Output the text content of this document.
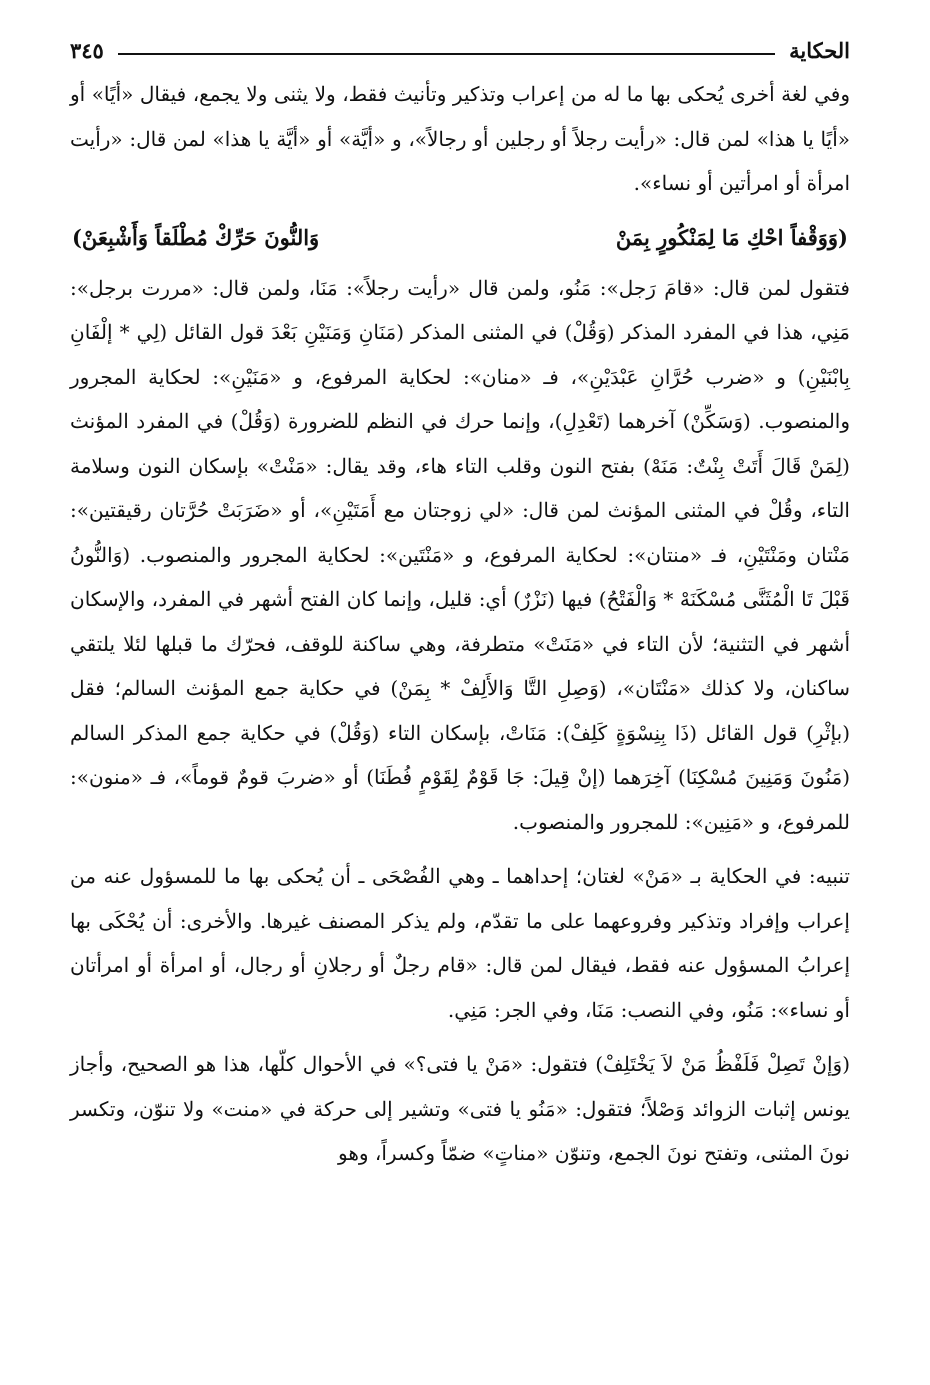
الحكاية
٣٤٥

وفي لغة أخرى يُحكى بها ما له من إعراب وتذكير وتأنيث فقط، ولا يثنى ولا يجمع، فيقال «أيًا» أو «أيًا يا هذا» لمن قال: «رأيت رجلاً أو رجلين أو رجالاً»، و «أيَّة» أو «أيَّة يا هذا» لمن قال: «رأيت امرأة أو امرأتين أو نساء».

(وَوَقْفاً احْكِ مَا لِمَنْكُورٍ بِمَنْ
وَالنُّونَ حَرِّكْ مُطْلَقاً وَأَشْبِعَنْ)

فتقول لمن قال: «قامَ رَجل»: مَنُو، ولمن قال «رأيت رجلاً»: مَنَا، ولمن قال: «مررت برجل»: مَنِي، هذا في المفرد المذكر (وَقُلْ) في المثنى المذكر (مَنَانِ وَمَنَيْنِ بَعْدَ قول القائل (لِي * إلْفَانِ بِابْنَيْنِ) و «ضرب حُرَّانِ عَبْدَيْنِ»، فـ «منان»: لحكاية المرفوع، و «مَنَيْنِ»: لحكاية المجرور والمنصوب. (وَسَكِّنْ) آخرهما (تَعْدِلِ)، وإنما حرك في النظم للضرورة (وَقُلْ) في المفرد المؤنث (لِمَنْ قَالَ أَتَتْ بِنْتٌ: مَنَهْ) بفتح النون وقلب التاء هاء، وقد يقال: «مَنْتْ» بإسكان النون وسلامة التاء، وقُلْ في المثنى المؤنث لمن قال: «لي زوجتان مع أَمَتَيْنِ»، أو «ضَرَبَتْ حُرَّتان رقيقتين»: مَنْتان ومَنْتَيْنِ، فـ «منتان»: لحكاية المرفوع، و «مَنْتَين»: لحكاية المجرور والمنصوب. (وَالنُّونُ قَبْلَ تَا الْمُثَنَّى مُسْكَنَهْ * وَالْفَتْحُ) فيها (نَزْرٌ) أي: قليل، وإنما كان الفتح أشهر في المفرد، والإسكان أشهر في التثنية؛ لأن التاء في «مَنَتْ» متطرفة، وهي ساكنة للوقف، فحرّك ما قبلها لئلا يلتقي ساكنان، ولا كذلك «مَنْتَان»، (وَصِلِ التَّا وَالأَلِفْ * بِمَنْ) في حكاية جمع المؤنث السالم؛ فقل (بإثْرِ) قول القائل (ذَا بِنِسْوَةٍ كَلِفْ): مَنَاتْ، بإسكان التاء (وَقُلْ) في حكاية جمع المذكر السالم (مَنُونَ وَمَنِينَ مُسْكِنَا) آخِرَهما (إنْ قِيلَ: جَا قَوْمٌ لِقَوْمٍ فُطَنَا) أو «ضربَ قومٌ قوماً»، فـ «منون»: للمرفوع، و «مَنِين»: للمجرور والمنصوب.

تنبيه: في الحكاية بـ «مَنْ» لغتان؛ إحداهما ـ وهي الفُصْحَى ـ أن يُحكى بها ما للمسؤول عنه من إعراب وإفراد وتذكير وفروعهما على ما تقدّم، ولم يذكر المصنف غيرها. والأخرى: أن يُحْكَى بها إعرابُ المسؤول عنه فقط، فيقال لمن قال: «قام رجلٌ أو رجلانِ أو رجال، أو امرأة أو امرأتان أو نساء»: مَنُو، وفي النصب: مَنَا، وفي الجر: مَنِي.

(وَإنْ تَصِلْ فَلَفْظُ مَنْ لاَ يَخْتَلِفْ) فتقول: «مَنْ يا فتى؟» في الأحوال كلّها، هذا هو الصحيح، وأجاز يونس إثبات الزوائد وَصْلاً؛ فتقول: «مَنُو يا فتى» وتشير إلى حركة في «منت» ولا تنوّن، وتكسر نونَ المثنى، وتفتح نونَ الجمع، وتنوّن «مناتٍ» ضمّاً وكسراً، وهو
